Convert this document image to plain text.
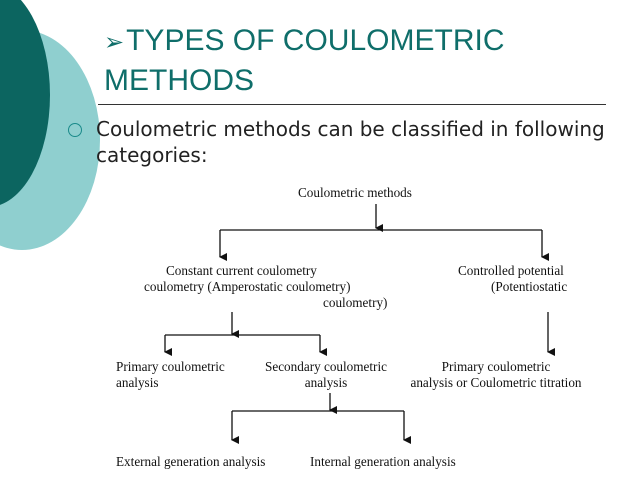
➢TYPES OF COULOMETRIC
METHODS
Coulometric methods can be classified in following categories:
Coulometric methods
Constant current coulometry
coulometry (Amperostatic coulometry)
Controlled potential
(Potentiostatic
coulometry)
Primary coulometric
analysis
Secondary coulometric
analysis
Primary coulometric
analysis or Coulometric titration
External generation analysis	Internal generation analysis
